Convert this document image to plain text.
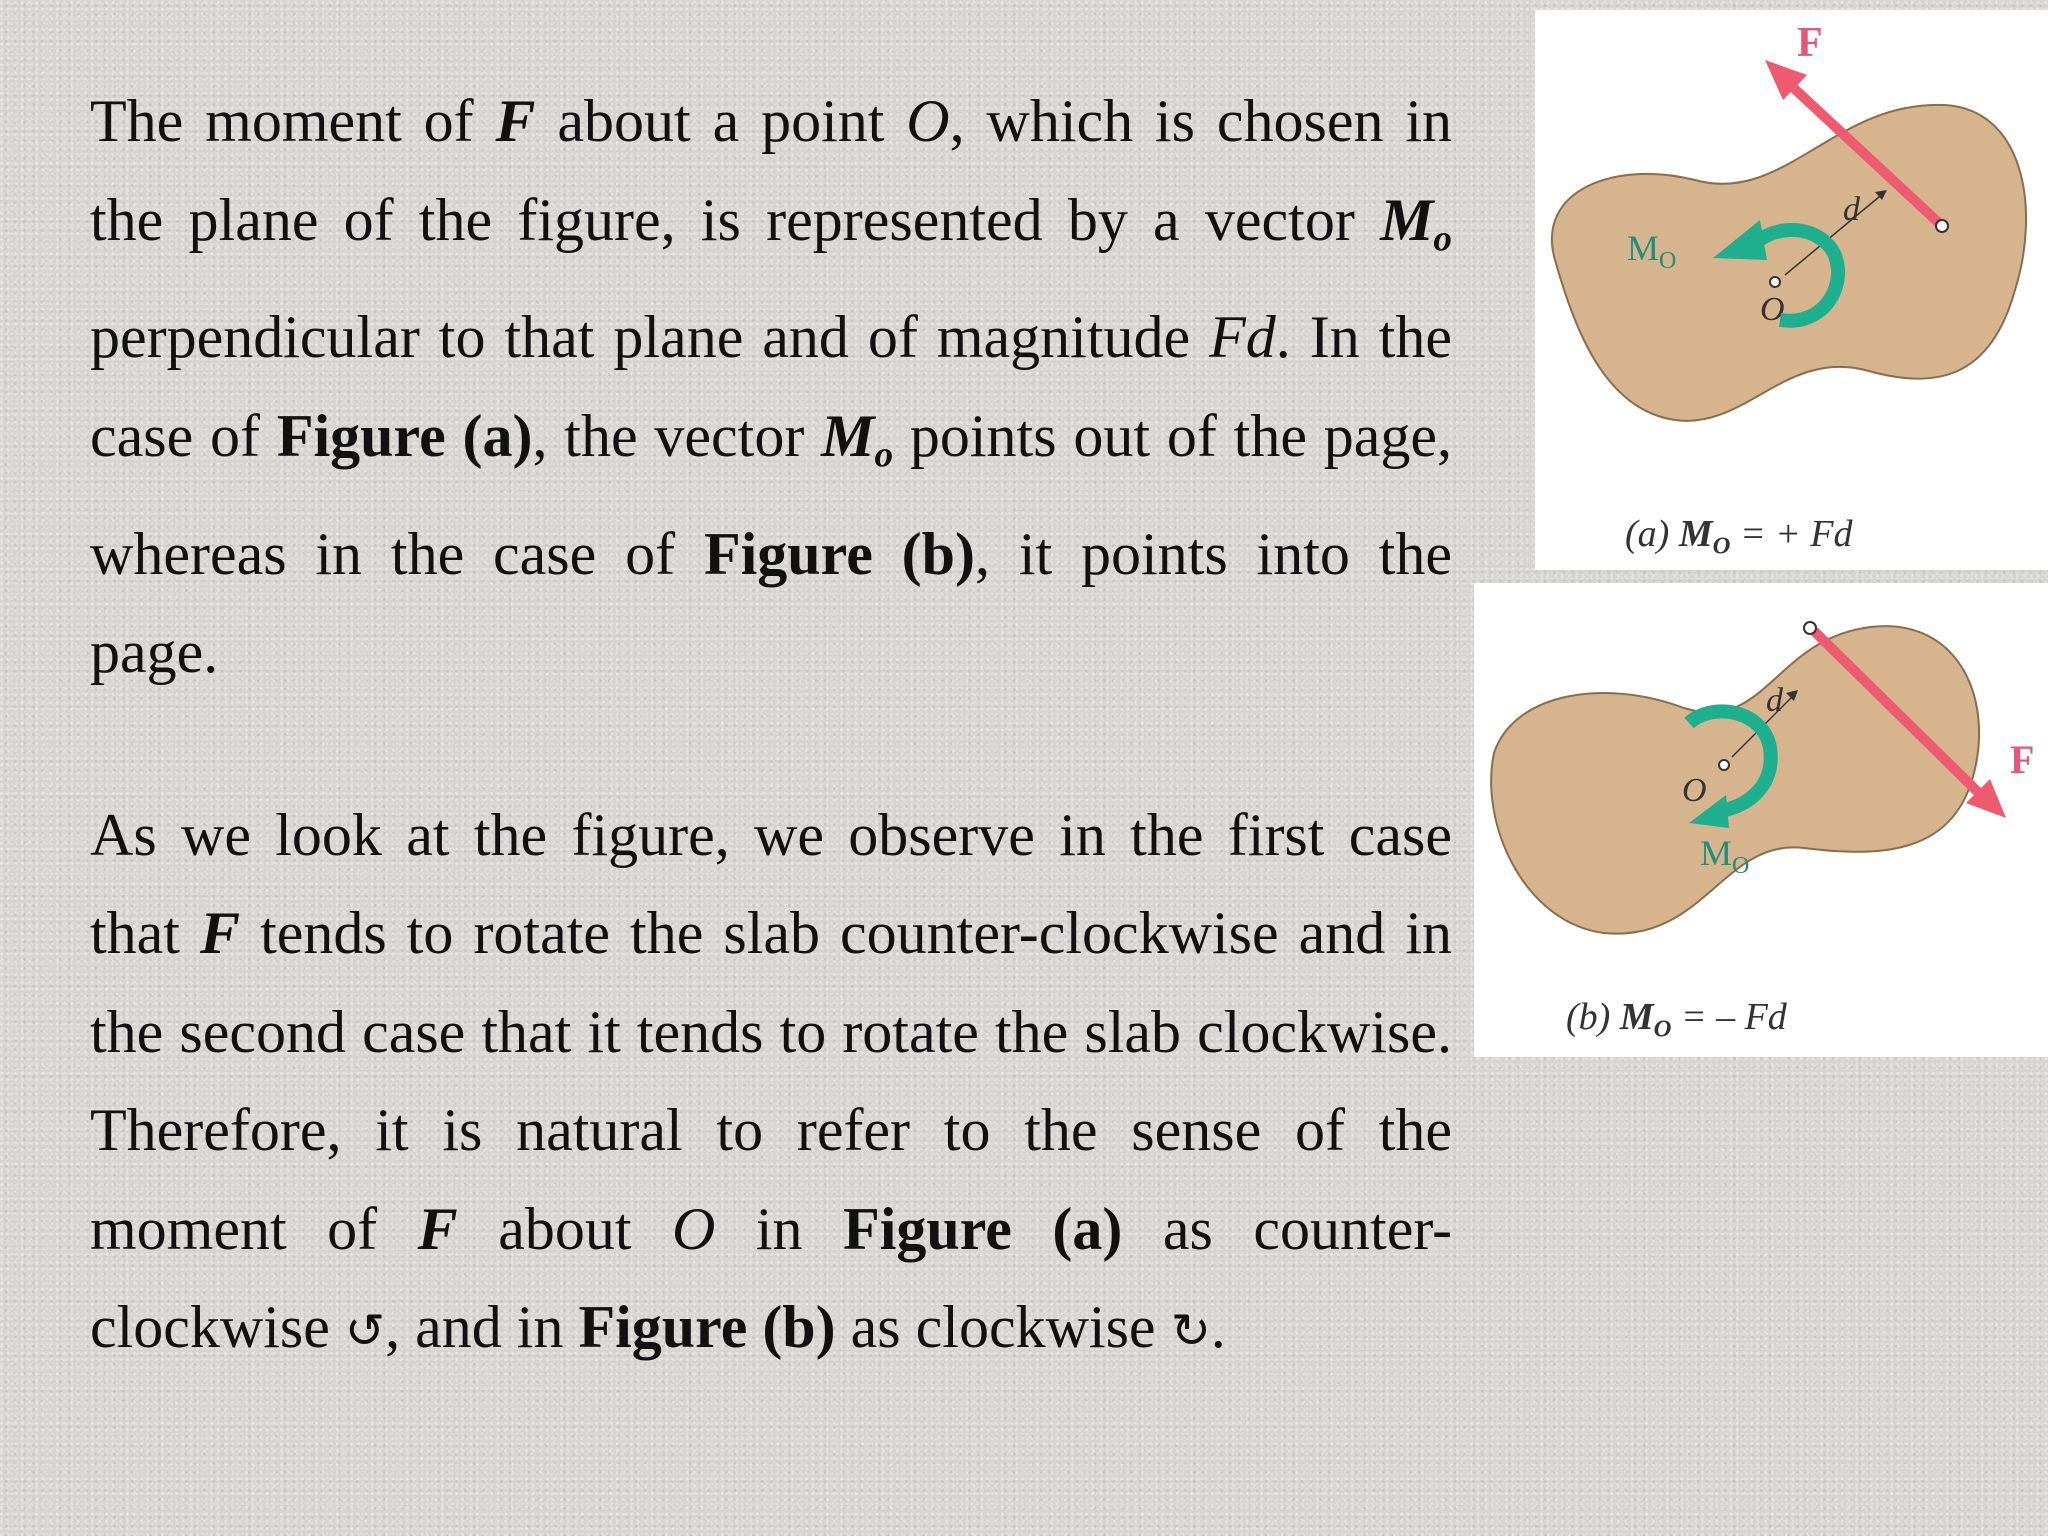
The moment of F about a point O, which is chosen in the plane of the figure, is represented by a vector $M_o$ perpendicular to that plane and of magnitude Fd. In the case of Figure (a), the vector $M_o$ points out of the page, whereas in the case of Figure (b), it points into the page.

As we look at the figure, we observe in the first case that F tends to rotate the slab counter-clockwise and in the second case that it tends to rotate the slab clockwise. Therefore, it is natural to refer to the sense of the moment of F about O in Figure (a) as counter-clockwise ↺, and in Figure (b) as clockwise ↻.

F
O
d
$M_O$
(a) MO = + Fd
F
O
d
$M_O$
(b) MO = – Fd
